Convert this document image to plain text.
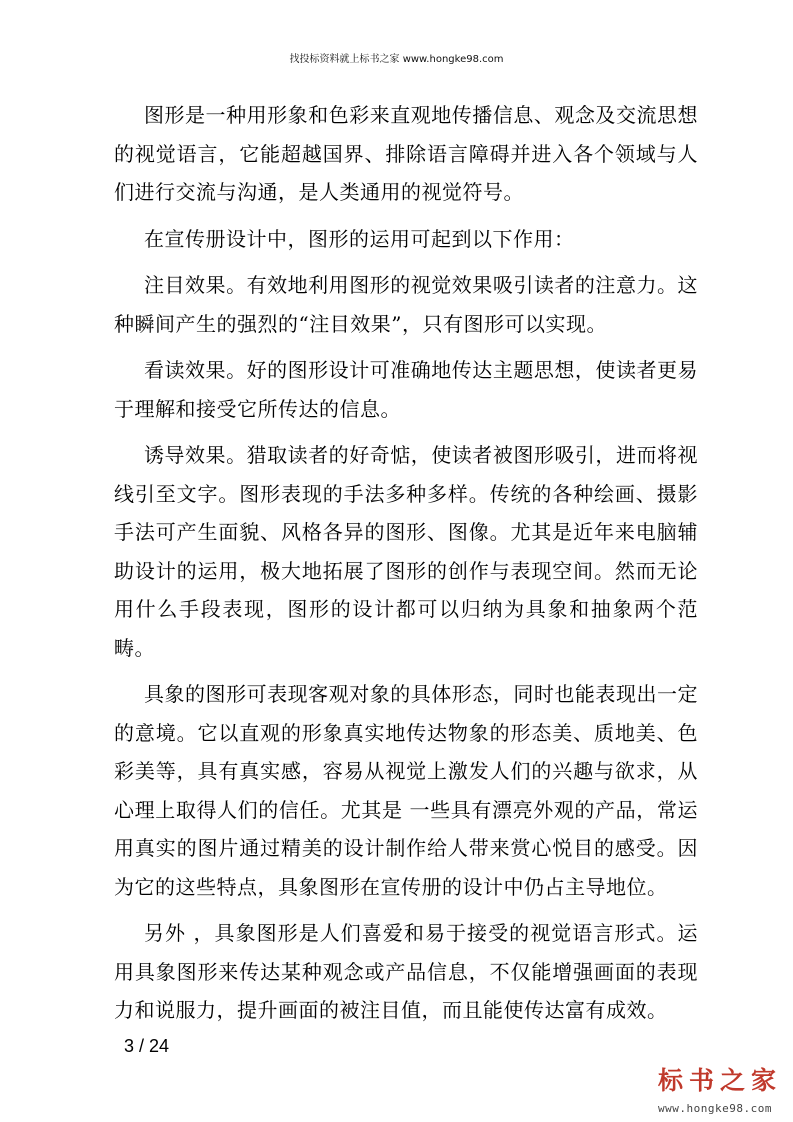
找投标资料就上标书之家 www.hongke98.com

图形是一种用形象和色彩来直观地传播信息、观念及交流思想的视觉语言，它能超越国界、排除语言障碍并进入各个领域与人们进行交流与沟通，是人类通用的视觉符号。

在宣传册设计中，图形的运用可起到以下作用：

注目效果。有效地利用图形的视觉效果吸引读者的注意力。这种瞬间产生的强烈的“注目效果”，只有图形可以实现。

看读效果。好的图形设计可准确地传达主题思想，使读者更易于理解和接受它所传达的信息。

诱导效果。猎取读者的好奇惦，使读者被图形吸引，进而将视线引至文字。图形表现的手法多种多样。传统的各种绘画、摄影手法可产生面貌、风格各异的图形、图像。尤其是近年来电脑辅助设计的运用，极大地拓展了图形的创作与表现空间。然而无论用什么手段表现，图形的设计都可以归纳为具象和抽象两个范畴。

具象的图形可表现客观对象的具体形态，同时也能表现出一定的意境。它以直观的形象真实地传达物象的形态美、质地美、色彩美等，具有真实感，容易从视觉上激发人们的兴趣与欲求，从心理上取得人们的信任。尤其是 一些具有漂亮外观的产品，常运用真实的图片通过精美的设计制作给人带来赏心悦目的感受。因为它的这些特点，具象图形在宣传册的设计中仍占主导地位。

另外 ，具象图形是人们喜爱和易于接受的视觉语言形式。运用具象图形来传达某种观念或产品信息，不仅能增强画面的表现力和说服力，提升画面的被注目值，而且能使传达富有成效。

3 / 24
标书之家
www.hongke98.com
